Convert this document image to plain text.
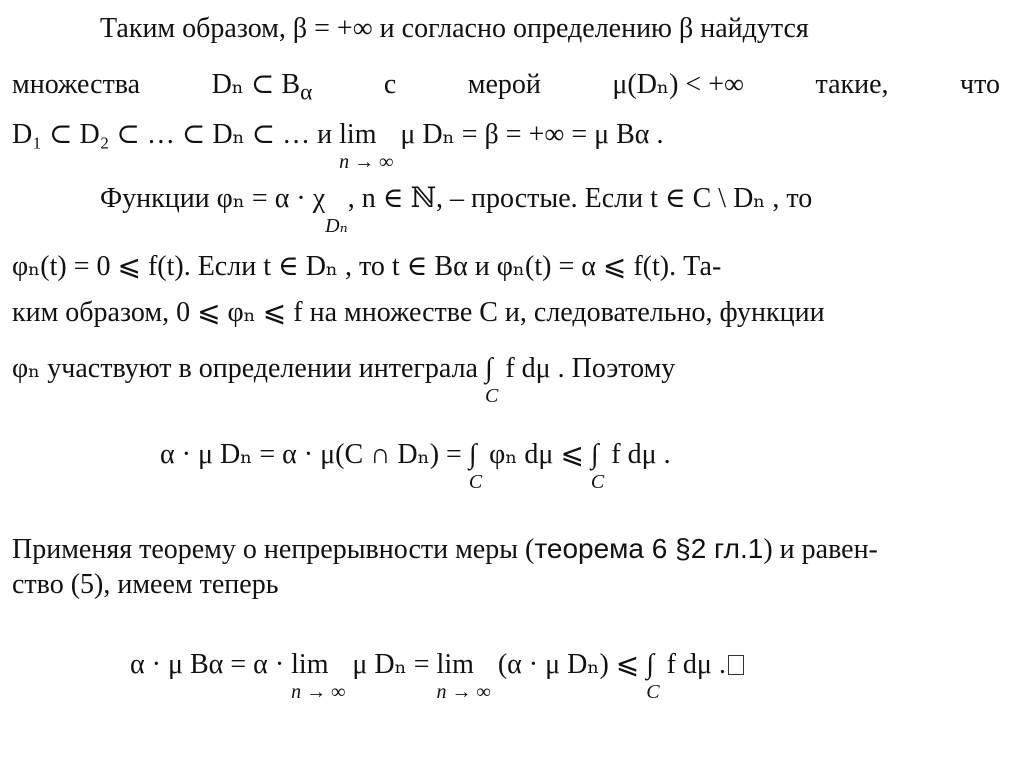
Таким образом, β = +∞ и согласно определению β найдутся
множества	Dₙ ⊂ $B_\alpha$	с	мерой	μ(Dₙ) < +∞	такие,	что
D₁ ⊂ D₂ ⊂ … ⊂ Dₙ ⊂ … и lim
n → ∞
μ Dₙ = β = +∞ = μ Bα .
Функции φₙ = α · χ
Dₙ
, n ∈ ℕ, – простые. Если t ∈ C \ Dₙ , то
φₙ(t) = 0 ⩽ f(t). Если t ∈ Dₙ , то t ∈ Bα и φₙ(t) = α ⩽ f(t). Та-
ким образом, 0 ⩽ φₙ ⩽ f на множестве C и, следовательно, функции
φₙ участвуют в определении интеграла ∫
C
f dμ . Поэтому
α · μ Dₙ = α · μ(C ∩ Dₙ) = ∫
C
φₙ dμ ⩽ ∫
C
f dμ .
Применяя теорему о непрерывности меры (теорема 6 §2 гл.1) и равен-
ство (5), имеем теперь
α · μ Bα = α · lim
n → ∞
μ Dₙ = lim
n → ∞
(α · μ Dₙ) ⩽ ∫
C
f dμ .
